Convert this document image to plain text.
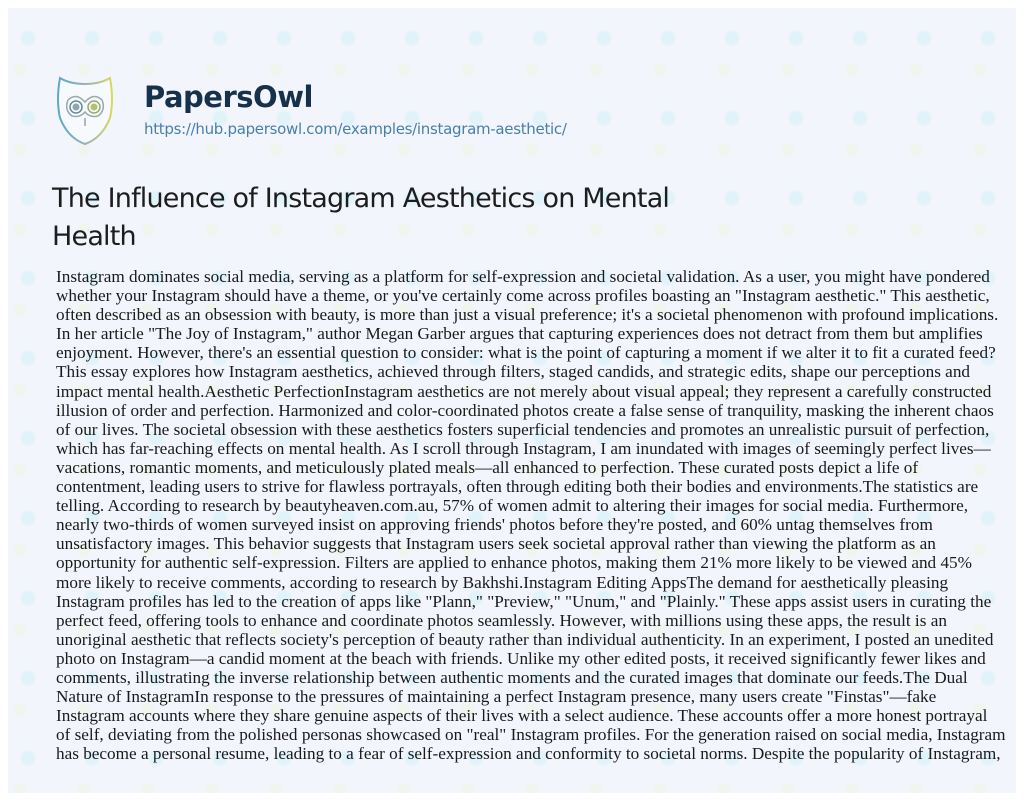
PapersOwl
https://hub.papersowl.com/examples/instagram-aesthetic/
The Influence of Instagram Aesthetics on Mental Health

Instagram dominates social media, serving as a platform for self-expression and societal validation. As a user, you might have pondered whether your Instagram should have a theme, or you've certainly come across profiles boasting an "Instagram aesthetic." This aesthetic, often described as an obsession with beauty, is more than just a visual preference; it's a societal phenomenon with profound implications. In her article "The Joy of Instagram," author Megan Garber argues that capturing experiences does not detract from them but amplifies enjoyment. However, there's an essential question to consider: what is the point of capturing a moment if we alter it to fit a curated feed? This essay explores how Instagram aesthetics, achieved through filters, staged candids, and strategic edits, shape our perceptions and impact mental health.Aesthetic PerfectionInstagram aesthetics are not merely about visual appeal; they represent a carefully constructed illusion of order and perfection. Harmonized and color-coordinated photos create a false sense of tranquility, masking the inherent chaos of our lives. The societal obsession with these aesthetics fosters superficial tendencies and promotes an unrealistic pursuit of perfection, which has far-reaching effects on mental health. As I scroll through Instagram, I am inundated with images of seemingly perfect lives—vacations, romantic moments, and meticulously plated meals—all enhanced to perfection. These curated posts depict a life of contentment, leading users to strive for flawless portrayals, often through editing both their bodies and environments.The statistics are telling. According to research by beautyheaven.com.au, 57% of women admit to altering their images for social media. Furthermore, nearly two-thirds of women surveyed insist on approving friends' photos before they're posted, and 60% untag themselves from unsatisfactory images. This behavior suggests that Instagram users seek societal approval rather than viewing the platform as an opportunity for authentic self-expression. Filters are applied to enhance photos, making them 21% more likely to be viewed and 45% more likely to receive comments, according to research by Bakhshi.Instagram Editing AppsThe demand for aesthetically pleasing Instagram profiles has led to the creation of apps like "Plann," "Preview," "Unum," and "Plainly." These apps assist users in curating the perfect feed, offering tools to enhance and coordinate photos seamlessly. However, with millions using these apps, the result is an unoriginal aesthetic that reflects society's perception of beauty rather than individual authenticity. In an experiment, I posted an unedited photo on Instagram—a candid moment at the beach with friends. Unlike my other edited posts, it received significantly fewer likes and comments, illustrating the inverse relationship between authentic moments and the curated images that dominate our feeds.The Dual Nature of InstagramIn response to the pressures of maintaining a perfect Instagram presence, many users create "Finstas"—fake Instagram accounts where they share genuine aspects of their lives with a select audience. These accounts offer a more honest portrayal of self, deviating from the polished personas showcased on "real" Instagram profiles. For the generation raised on social media, Instagram has become a personal resume, leading to a fear of self-expression and conformity to societal norms. Despite the popularity of Instagram,
